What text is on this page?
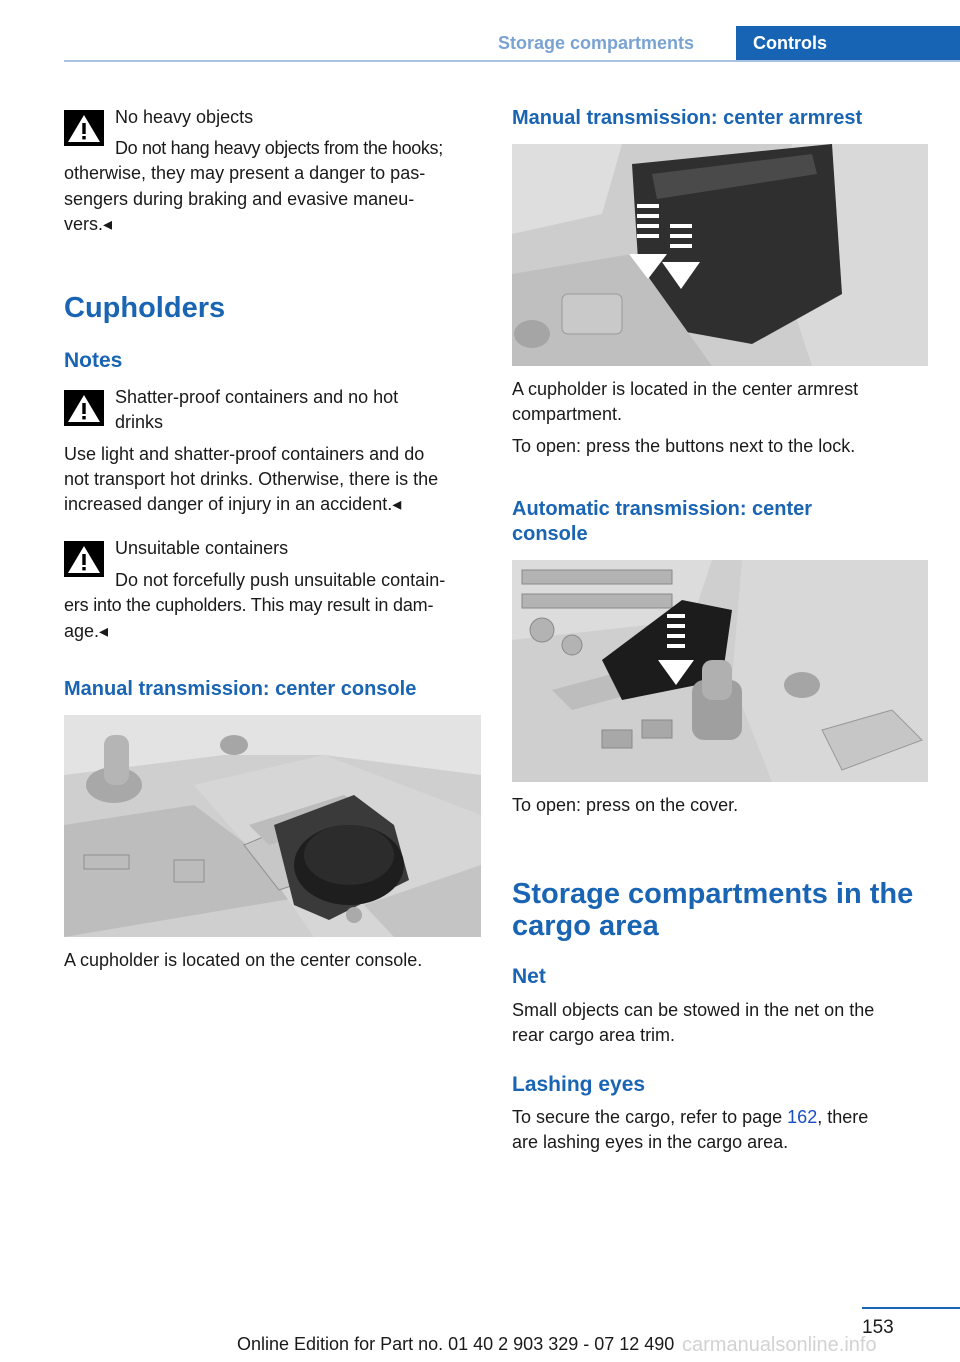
Storage compartments	Controls

No heavy objects

Do not hang heavy objects from the hooks;

otherwise, they may present a danger to pas-

sengers during braking and evasive maneu-

vers.◂

Cupholders
Notes

Shatter-proof containers and no hot

drinks

Use light and shatter-proof containers and do

not transport hot drinks. Otherwise, there is the

increased danger of injury in an accident.◂

Unsuitable containers

Do not forcefully push unsuitable contain-

ers into the cupholders. This may result in dam-

age.◂

Manual transmission: center console

A cupholder is located on the center console.

Manual transmission: center armrest

A cupholder is located in the center armrest

compartment.

To open: press the buttons next to the lock.

Automatic transmission: center
console

To open: press on the cover.

Storage compartments in the
cargo area
Net

Small objects can be stowed in the net on the

rear cargo area trim.

Lashing eyes

To secure the cargo, refer to page 162, there

are lashing eyes in the cargo area.

153
Online Edition for Part no. 01 40 2 903 329 - 07 12 490 carmanualsonline.info
